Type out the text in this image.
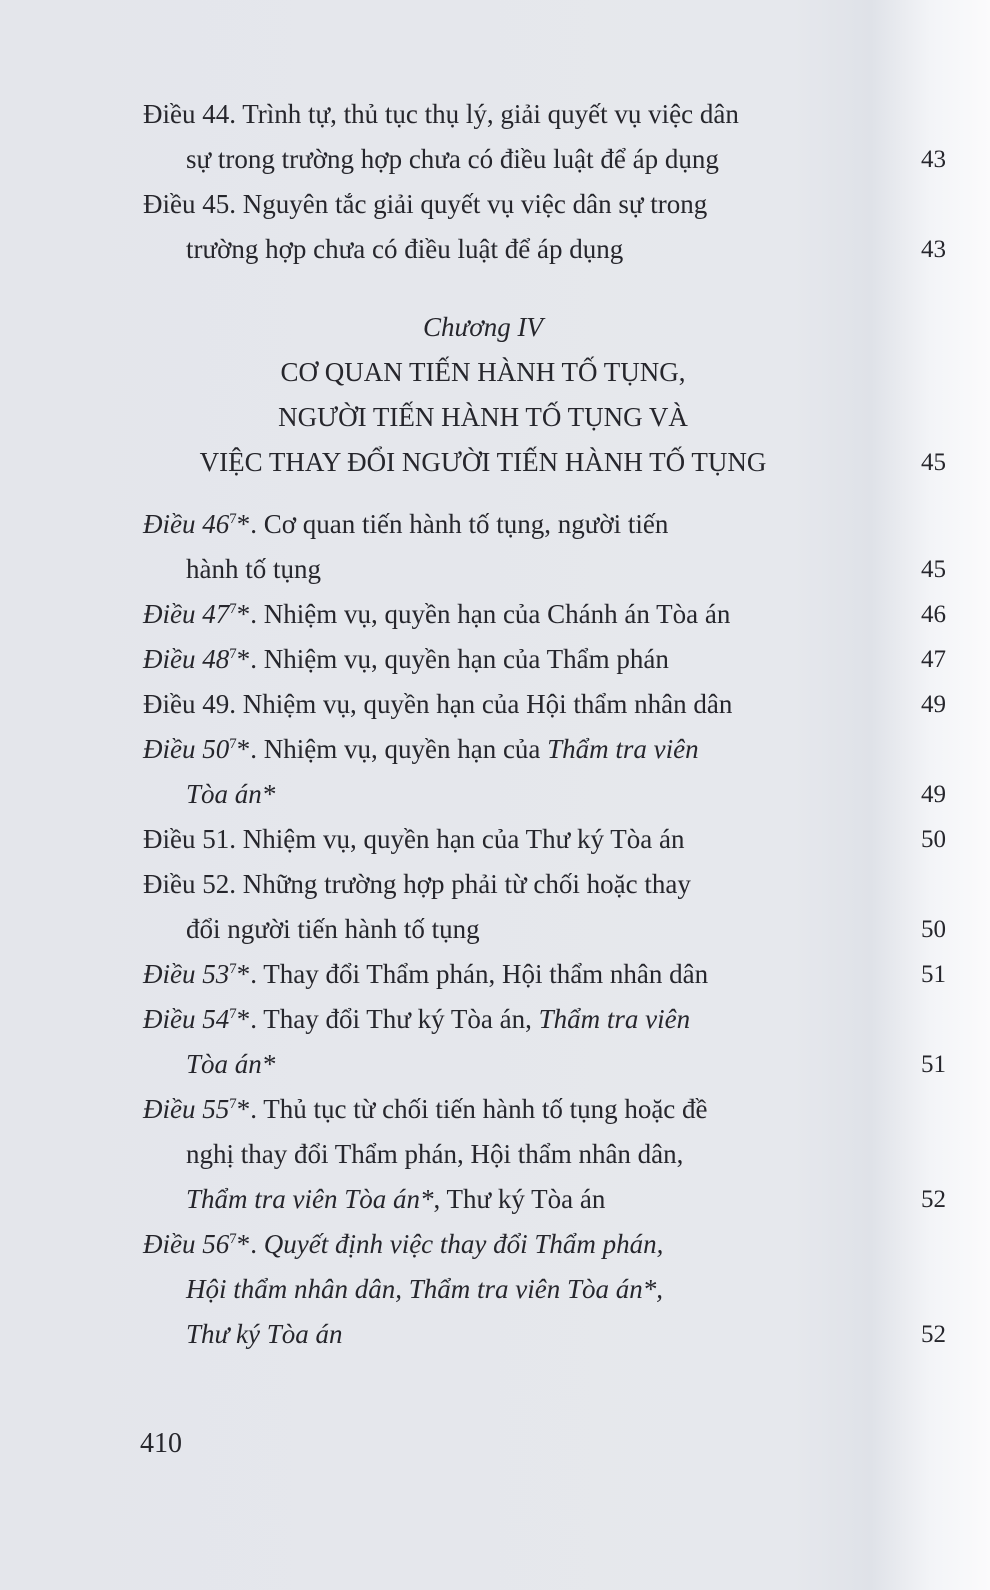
Điều 44. Trình tự, thủ tục thụ lý, giải quyết vụ việc dân
sự trong trường hợp chưa có điều luật để áp dụng	43
Điều 45. Nguyên tắc giải quyết vụ việc dân sự trong
trường hợp chưa có điều luật để áp dụng	43
Chương IV
CƠ QUAN TIẾN HÀNH TỐ TỤNG,
NGƯỜI TIẾN HÀNH TỐ TỤNG VÀ
VIỆC THAY ĐỔI NGƯỜI TIẾN HÀNH TỐ TỤNG	45
Điều $46^7*$. Cơ quan tiến hành tố tụng, người tiến
hành tố tụng	45
Điều $47^7*$. Nhiệm vụ, quyền hạn của Chánh án Tòa án	46
Điều $48^7*$. Nhiệm vụ, quyền hạn của Thẩm phán	47
Điều 49. Nhiệm vụ, quyền hạn của Hội thẩm nhân dân	49
Điều $50^7*$. Nhiệm vụ, quyền hạn của Thẩm tra viên
Tòa án*	49
Điều 51. Nhiệm vụ, quyền hạn của Thư ký Tòa án	50
Điều 52. Những trường hợp phải từ chối hoặc thay
đổi người tiến hành tố tụng	50
Điều $53^7*$. Thay đổi Thẩm phán, Hội thẩm nhân dân	51
Điều $54^7*$. Thay đổi Thư ký Tòa án, Thẩm tra viên
Tòa án*	51
Điều $55^7*$. Thủ tục từ chối tiến hành tố tụng hoặc đề
nghị thay đổi Thẩm phán, Hội thẩm nhân dân,
Thẩm tra viên Tòa án*, Thư ký Tòa án	52
Điều $56^7*$. Quyết định việc thay đổi Thẩm phán,
Hội thẩm nhân dân, Thẩm tra viên Tòa án*,
Thư ký Tòa án	52
410
